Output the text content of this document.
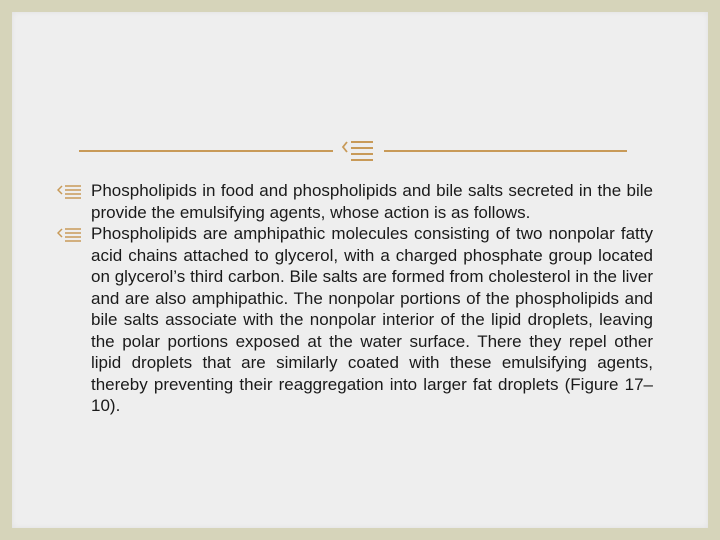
Phospholipids in food and phospholipids and bile salts secreted in the bile provide the emulsifying agents, whose action is as follows.
Phospholipids are amphipathic molecules consisting of two nonpolar fatty acid chains attached to glycerol, with a charged phosphate group located on glycerol’s third carbon. Bile salts are formed from cholesterol in the liver and are also amphipathic. The nonpolar portions of the phospholipids and bile salts associate with the nonpolar interior of the lipid droplets, leaving the polar portions exposed at the water surface. There they repel other lipid droplets that are similarly coated with these emulsifying agents, thereby preventing their reaggregation into larger fat droplets (Figure 17–10).
